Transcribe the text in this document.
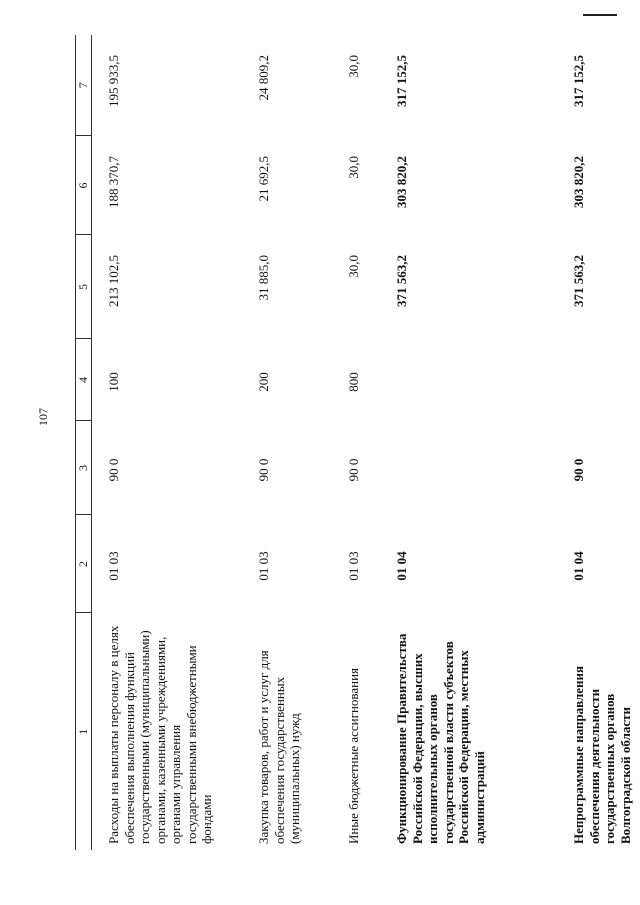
107
1	2	3	4	5	6	7
Расходы на выплаты персоналу в целях обеспечения выполнения функций государственными (муниципальными) органами, казенными учреждениями, органами управления государственными внебюджетными фондами	01 03	90 0	100	213 102,5	188 370,7	195 933,5
Закупка товаров, работ и услуг для обеспечения государственных (муниципальных) нужд	01 03	90 0	200	31 885,0	21 692,5	24 809,2
Иные бюджетные ассигнования	01 03	90 0	800	30,0	30,0	30,0
Функционирование Правительства Российской Федерации, высших исполнительных органов государственной власти субъектов Российской Федерации, местных администраций	01 04			371 563,2	303 820,2	317 152,5
Непрограммные направления обеспечения деятельности государственных органов Волгоградской области	01 04	90 0		371 563,2	303 820,2	317 152,5
